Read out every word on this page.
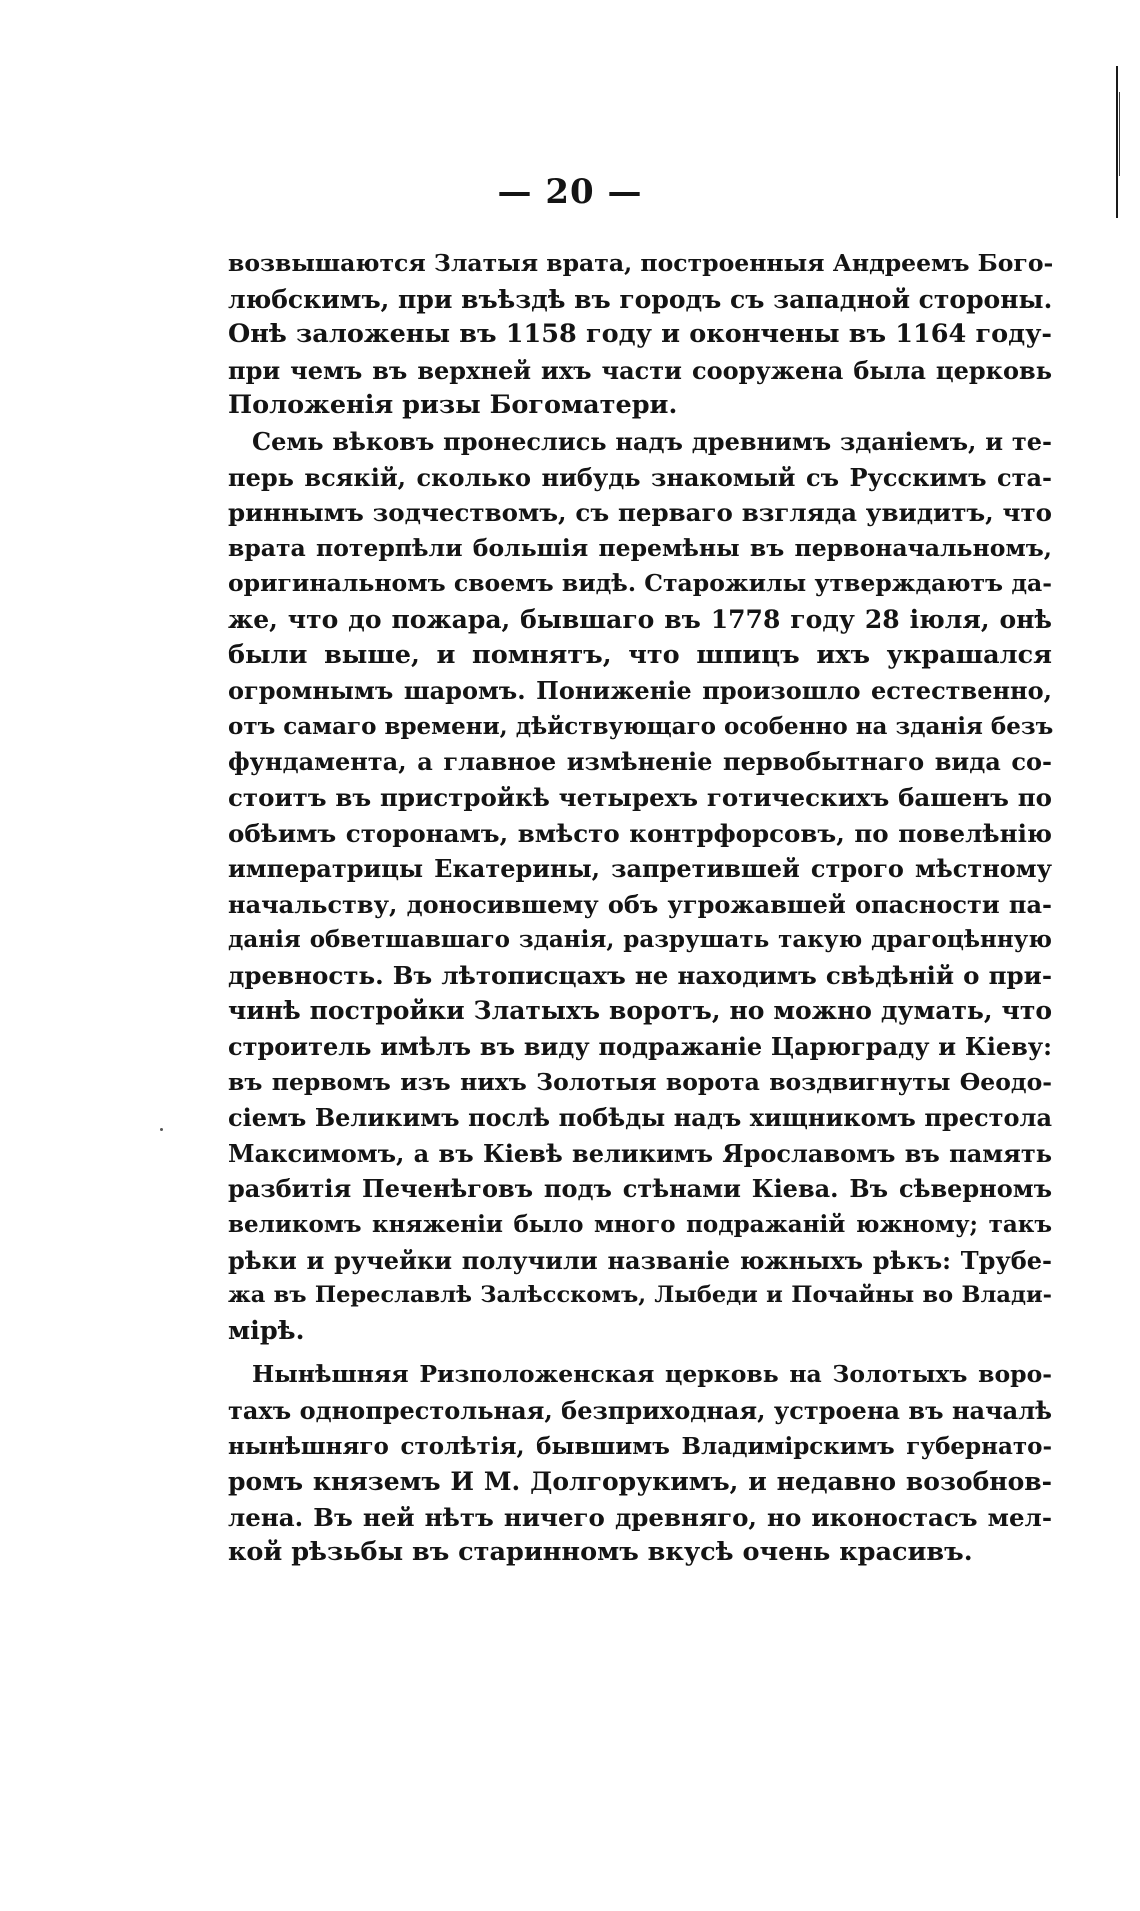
— 20 —
возвышаются Златыя врата, построенныя Андреемъ Бого-
любскимъ, при въѣздѣ въ городъ съ западной стороны.
Онѣ заложены въ 1158 году и окончены въ 1164 году-
при чемъ въ верхней ихъ части сооружена была церковь
Положенія ризы Богоматери.
Семь вѣковъ пронеслись надъ древнимъ зданіемъ, и те-
перь всякій, сколько нибудь знакомый съ Русскимъ ста-
риннымъ зодчествомъ, съ перваго взгляда увидитъ, что
врата потерпѣли большія перемѣны въ первоначальномъ,
оригинальномъ своемъ видѣ. Старожилы утверждаютъ да-
же, что до пожара, бывшаго въ 1778 году 28 іюля, онѣ
были выше, и помнятъ, что шпицъ ихъ украшался
огромнымъ шаромъ. Пониженіе произошло естественно,
отъ самаго времени, дѣйствующаго особенно на зданія безъ
фундамента, а главное измѣненіе первобытнаго вида со-
стоитъ въ пристройкѣ четырехъ готическихъ башенъ по
обѣимъ сторонамъ, вмѣсто контрфорсовъ, по повелѣнію
императрицы Екатерины, запретившей строго мѣстному
начальству, доносившему объ угрожавшей опасности па-
данія обветшавшаго зданія, разрушать такую драгоцѣнную
древность. Въ лѣтописцахъ не находимъ свѣдѣній о при-
чинѣ постройки Златыхъ воротъ, но можно думать, что
строитель имѣлъ въ виду подражаніе Царюграду и Кіеву:
въ первомъ изъ нихъ Золотыя ворота воздвигнуты Ѳеодо-
сіемъ Великимъ послѣ побѣды надъ хищникомъ престола
Максимомъ, а въ Кіевѣ великимъ Ярославомъ въ память
разбитія Печенѣговъ подъ стѣнами Кіева. Въ сѣверномъ
великомъ княженіи было много подражаній южному; такъ
рѣки и ручейки получили названіе южныхъ рѣкъ: Трубе-
жа въ Переславлѣ Залѣсскомъ, Лыбеди и Почайны во Влади-
мірѣ.
Нынѣшняя Ризположенская церковь на Золотыхъ воро-
тахъ однопрестольная, безприходная, устроена въ началѣ
нынѣшняго столѣтія, бывшимъ Владимірскимъ губернато-
ромъ княземъ И М. Долгорукимъ, и недавно возобнов-
лена. Въ ней нѣтъ ничего древняго, но иконостасъ мел-
кой рѣзьбы въ старинномъ вкусѣ очень красивъ.
